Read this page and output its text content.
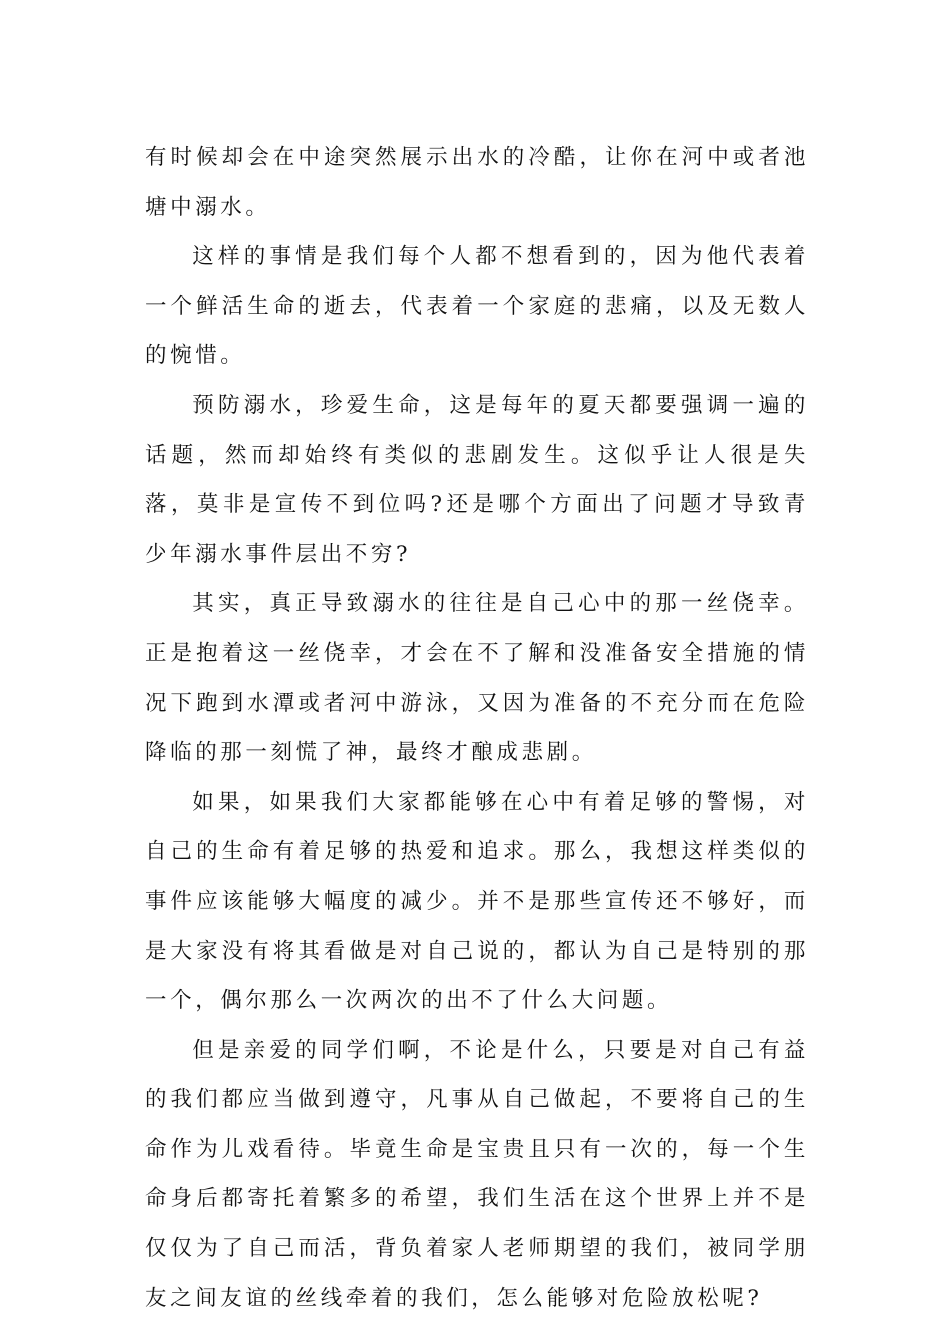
有时候却会在中途突然展示出水的冷酷，让你在河中或者池塘中溺水。

这样的事情是我们每个人都不想看到的，因为他代表着一个鲜活生命的逝去，代表着一个家庭的悲痛，以及无数人的惋惜。

预防溺水，珍爱生命，这是每年的夏天都要强调一遍的话题，然而却始终有类似的悲剧发生。这似乎让人很是失落，莫非是宣传不到位吗?还是哪个方面出了问题才导致青少年溺水事件层出不穷?

其实，真正导致溺水的往往是自己心中的那一丝侥幸。正是抱着这一丝侥幸，才会在不了解和没准备安全措施的情况下跑到水潭或者河中游泳，又因为准备的不充分而在危险降临的那一刻慌了神，最终才酿成悲剧。

如果，如果我们大家都能够在心中有着足够的警惕，对自己的生命有着足够的热爱和追求。那么，我想这样类似的事件应该能够大幅度的减少。并不是那些宣传还不够好，而是大家没有将其看做是对自己说的，都认为自己是特别的那一个，偶尔那么一次两次的出不了什么大问题。

但是亲爱的同学们啊，不论是什么，只要是对自己有益的我们都应当做到遵守，凡事从自己做起，不要将自己的生命作为儿戏看待。毕竟生命是宝贵且只有一次的，每一个生命身后都寄托着繁多的希望，我们生活在这个世界上并不是仅仅为了自己而活，背负着家人老师期望的我们，被同学朋友之间友谊的丝线牵着的我们，怎么能够对危险放松呢?
